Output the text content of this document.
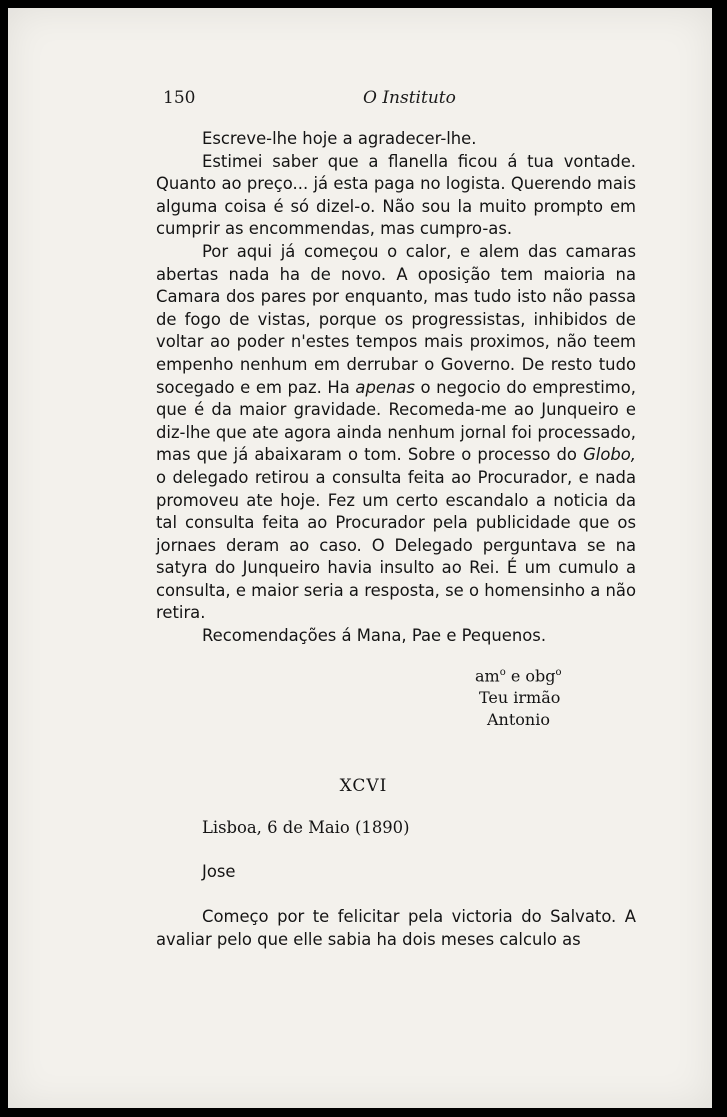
150	O Instituto

Escreve-lhe hoje a agradecer-lhe.

Estimei saber que a flanella ficou á tua vontade. Quanto ao preço... já esta paga no logista. Querendo mais alguma coisa é só dizel-o. Não sou la muito prompto em cumprir as encommendas, mas cumpro-as.

Por aqui já começou o calor, e alem das camaras abertas nada ha de novo. A oposição tem maioria na Camara dos pares por enquanto, mas tudo isto não passa de fogo de vistas, porque os progressistas, inhibidos de voltar ao poder n'estes tempos mais proximos, não teem empenho nenhum em derrubar o Governo. De resto tudo socegado e em paz. Ha apenas o negocio do emprestimo, que é da maior gravidade. Recomeda-me ao Junqueiro e diz-lhe que ate agora ainda nenhum jornal foi processado, mas que já abaixaram o tom. Sobre o processo do Globo, o delegado retirou a consulta feita ao Procurador, e nada promoveu ate hoje. Fez um certo escandalo a noticia da tal consulta feita ao Procurador pela publicidade que os jornaes deram ao caso. O Delegado perguntava se na satyra do Junqueiro havia insulto ao Rei. É um cumulo a consulta, e maior seria a resposta, se o homensinho a não retira.

Recomendações á Mana, Pae e Pequenos.

$am^o$ e obg$^o$
Teu irmão
Antonio
XCVI
Lisboa, 6 de Maio (1890)
Jose

Começo por te felicitar pela victoria do Salvato. A avaliar pelo que elle sabia ha dois meses calculo as
